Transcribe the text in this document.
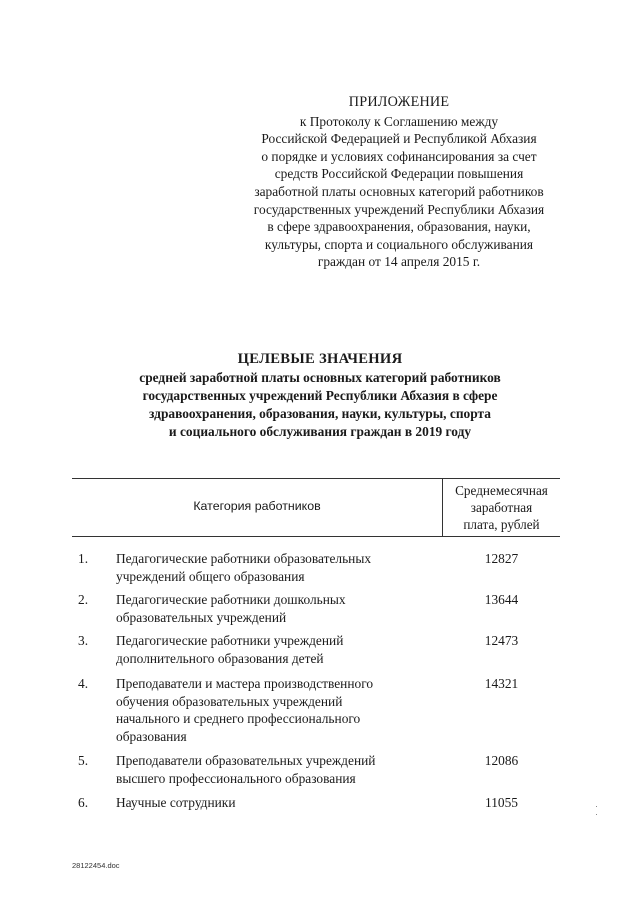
ПРИЛОЖЕНИЕ
к Протоколу к Соглашению между
Российской Федерацией и Республикой Абхазия
о порядке и условиях софинансирования за счет
средств Российской Федерации повышения
заработной платы основных категорий работников
государственных учреждений Республики Абхазия
в сфере здравоохранения, образования, науки,
культуры, спорта и социального обслуживания
граждан от 14 апреля 2015 г.
ЦЕЛЕВЫЕ ЗНАЧЕНИЯ
средней заработной платы основных категорий работников
государственных учреждений Республики Абхазия в сфере
здравоохранения, образования, науки, культуры, спорта
и социального обслуживания граждан в 2019 году
Категория работников
Среднемесячная
заработная
плата, рублей
1. Педагогические работники образовательных
учреждений общего образования
12827
2. Педагогические работники дошкольных
образовательных учреждений
13644
3. Педагогические работники учреждений
дополнительного образования детей
12473
4. Преподаватели и мастера производственного
обучения образовательных учреждений
начального и среднего профессионального
образования
14321
5. Преподаватели образовательных учреждений
высшего профессионального образования
12086
6. Научные сотрудники	11055
28122454.doc
